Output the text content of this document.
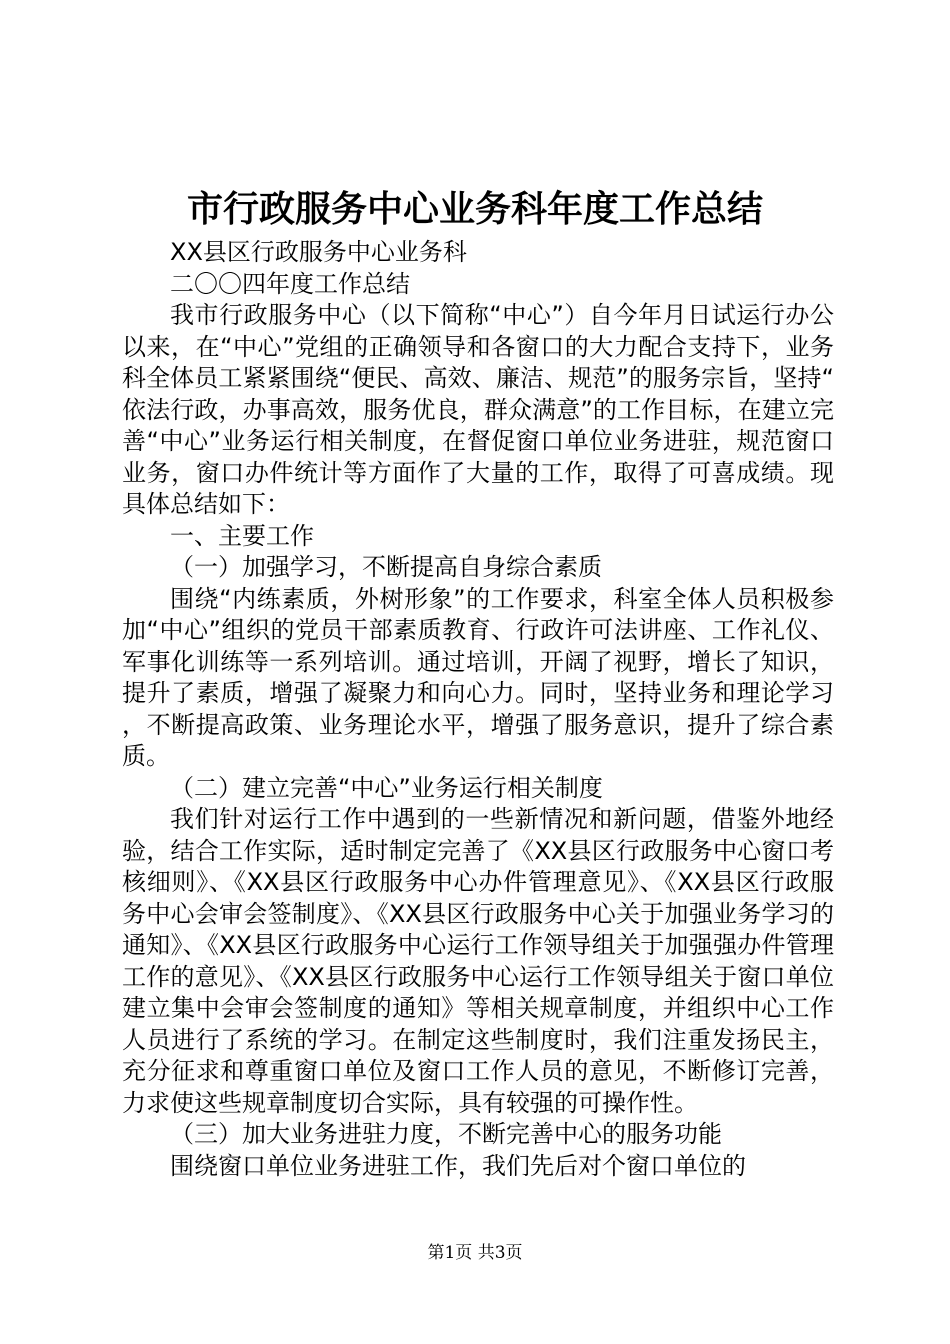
市行政服务中心业务科年度工作总结

XX县区行政服务中心业务科

二〇〇四年度工作总结

我市行政服务中心（以下简称“中心”）自今年月日试运行办公以来，在“中心”党组的正确领导和各窗口的大力配合支持下，业务科全体员工紧紧围绕“便民、高效、廉洁、规范”的服务宗旨，坚持“依法行政，办事高效，服务优良，群众满意”的工作目标，在建立完善“中心”业务运行相关制度，在督促窗口单位业务进驻，规范窗口业务，窗口办件统计等方面作了大量的工作，取得了可喜成绩。现具体总结如下：

一、主要工作

（一）加强学习，不断提高自身综合素质

围绕“内练素质，外树形象”的工作要求，科室全体人员积极参加“中心”组织的党员干部素质教育、行政许可法讲座、工作礼仪、军事化训练等一系列培训。通过培训，开阔了视野，增长了知识，提升了素质，增强了凝聚力和向心力。同时，坚持业务和理论学习，不断提高政策、业务理论水平，增强了服务意识，提升了综合素质。

（二）建立完善“中心”业务运行相关制度

我们针对运行工作中遇到的一些新情况和新问题，借鉴外地经验，结合工作实际，适时制定完善了《XX县区行政服务中心窗口考核细则》、《XX县区行政服务中心办件管理意见》、《XX县区行政服务中心会审会签制度》、《XX县区行政服务中心关于加强业务学习的通知》、《XX县区行政服务中心运行工作领导组关于加强强办件管理工作的意见》、《XX县区行政服务中心运行工作领导组关于窗口单位建立集中会审会签制度的通知》等相关规章制度，并组织中心工作人员进行了系统的学习。在制定这些制度时，我们注重发扬民主，充分征求和尊重窗口单位及窗口工作人员的意见，不断修订完善，力求使这些规章制度切合实际，具有较强的可操作性。

（三）加大业务进驻力度，不断完善中心的服务功能

围绕窗口单位业务进驻工作，我们先后对个窗口单位的

第1页 共3页
